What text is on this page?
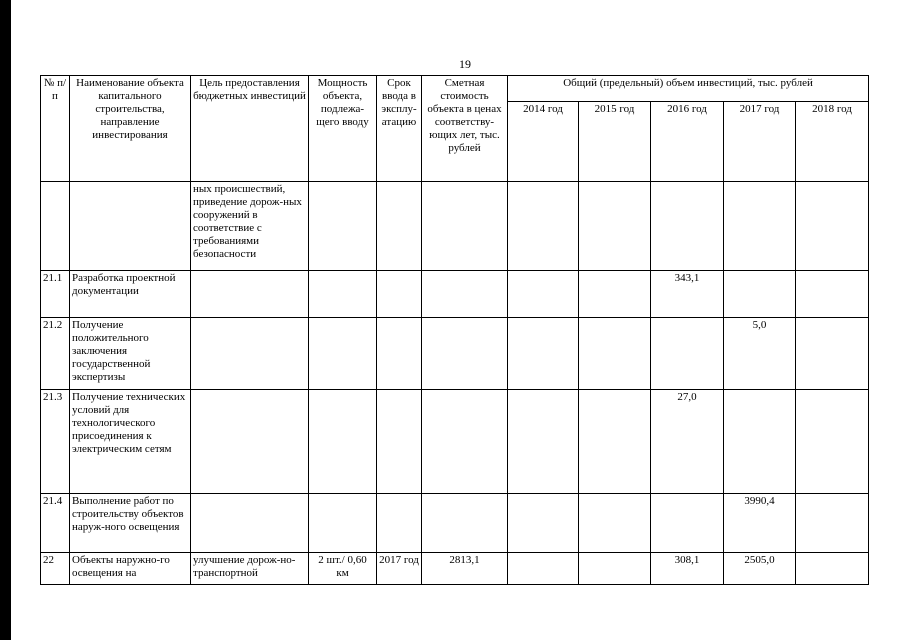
19
№ п/п	Наименование объекта капитального строительства, направление инвестирования	Цель предоставления бюджетных инвестиций	Мощность объекта, подлежа-щего вводу	Срок ввода в эксплу-атацию	Сметная стоимость объекта в ценах соответству-ющих лет, тыс. рублей	Общий (предельный) объем инвестиций, тыс. рублей				
						2014 год	2015 год	2016 год	2017 год	2018 год
		ных происшествий, приведение дорож-ных сооружений в соответствие с требованиями безопасности								
21.1	Разработка проектной документации							343,1		
21.2	Получение положительного заключения государственной экспертизы								5,0	
21.3	Получение технических условий для технологического присоединения к электрическим сетям							27,0		
21.4	Выполнение работ по строительству объектов наруж-ного освещения								3990,4	
22	Объекты наружно-го освещения на	улучшение дорож-но-транспортной	2 шт./ 0,60 км	2017 год	2813,1			308,1	2505,0	
